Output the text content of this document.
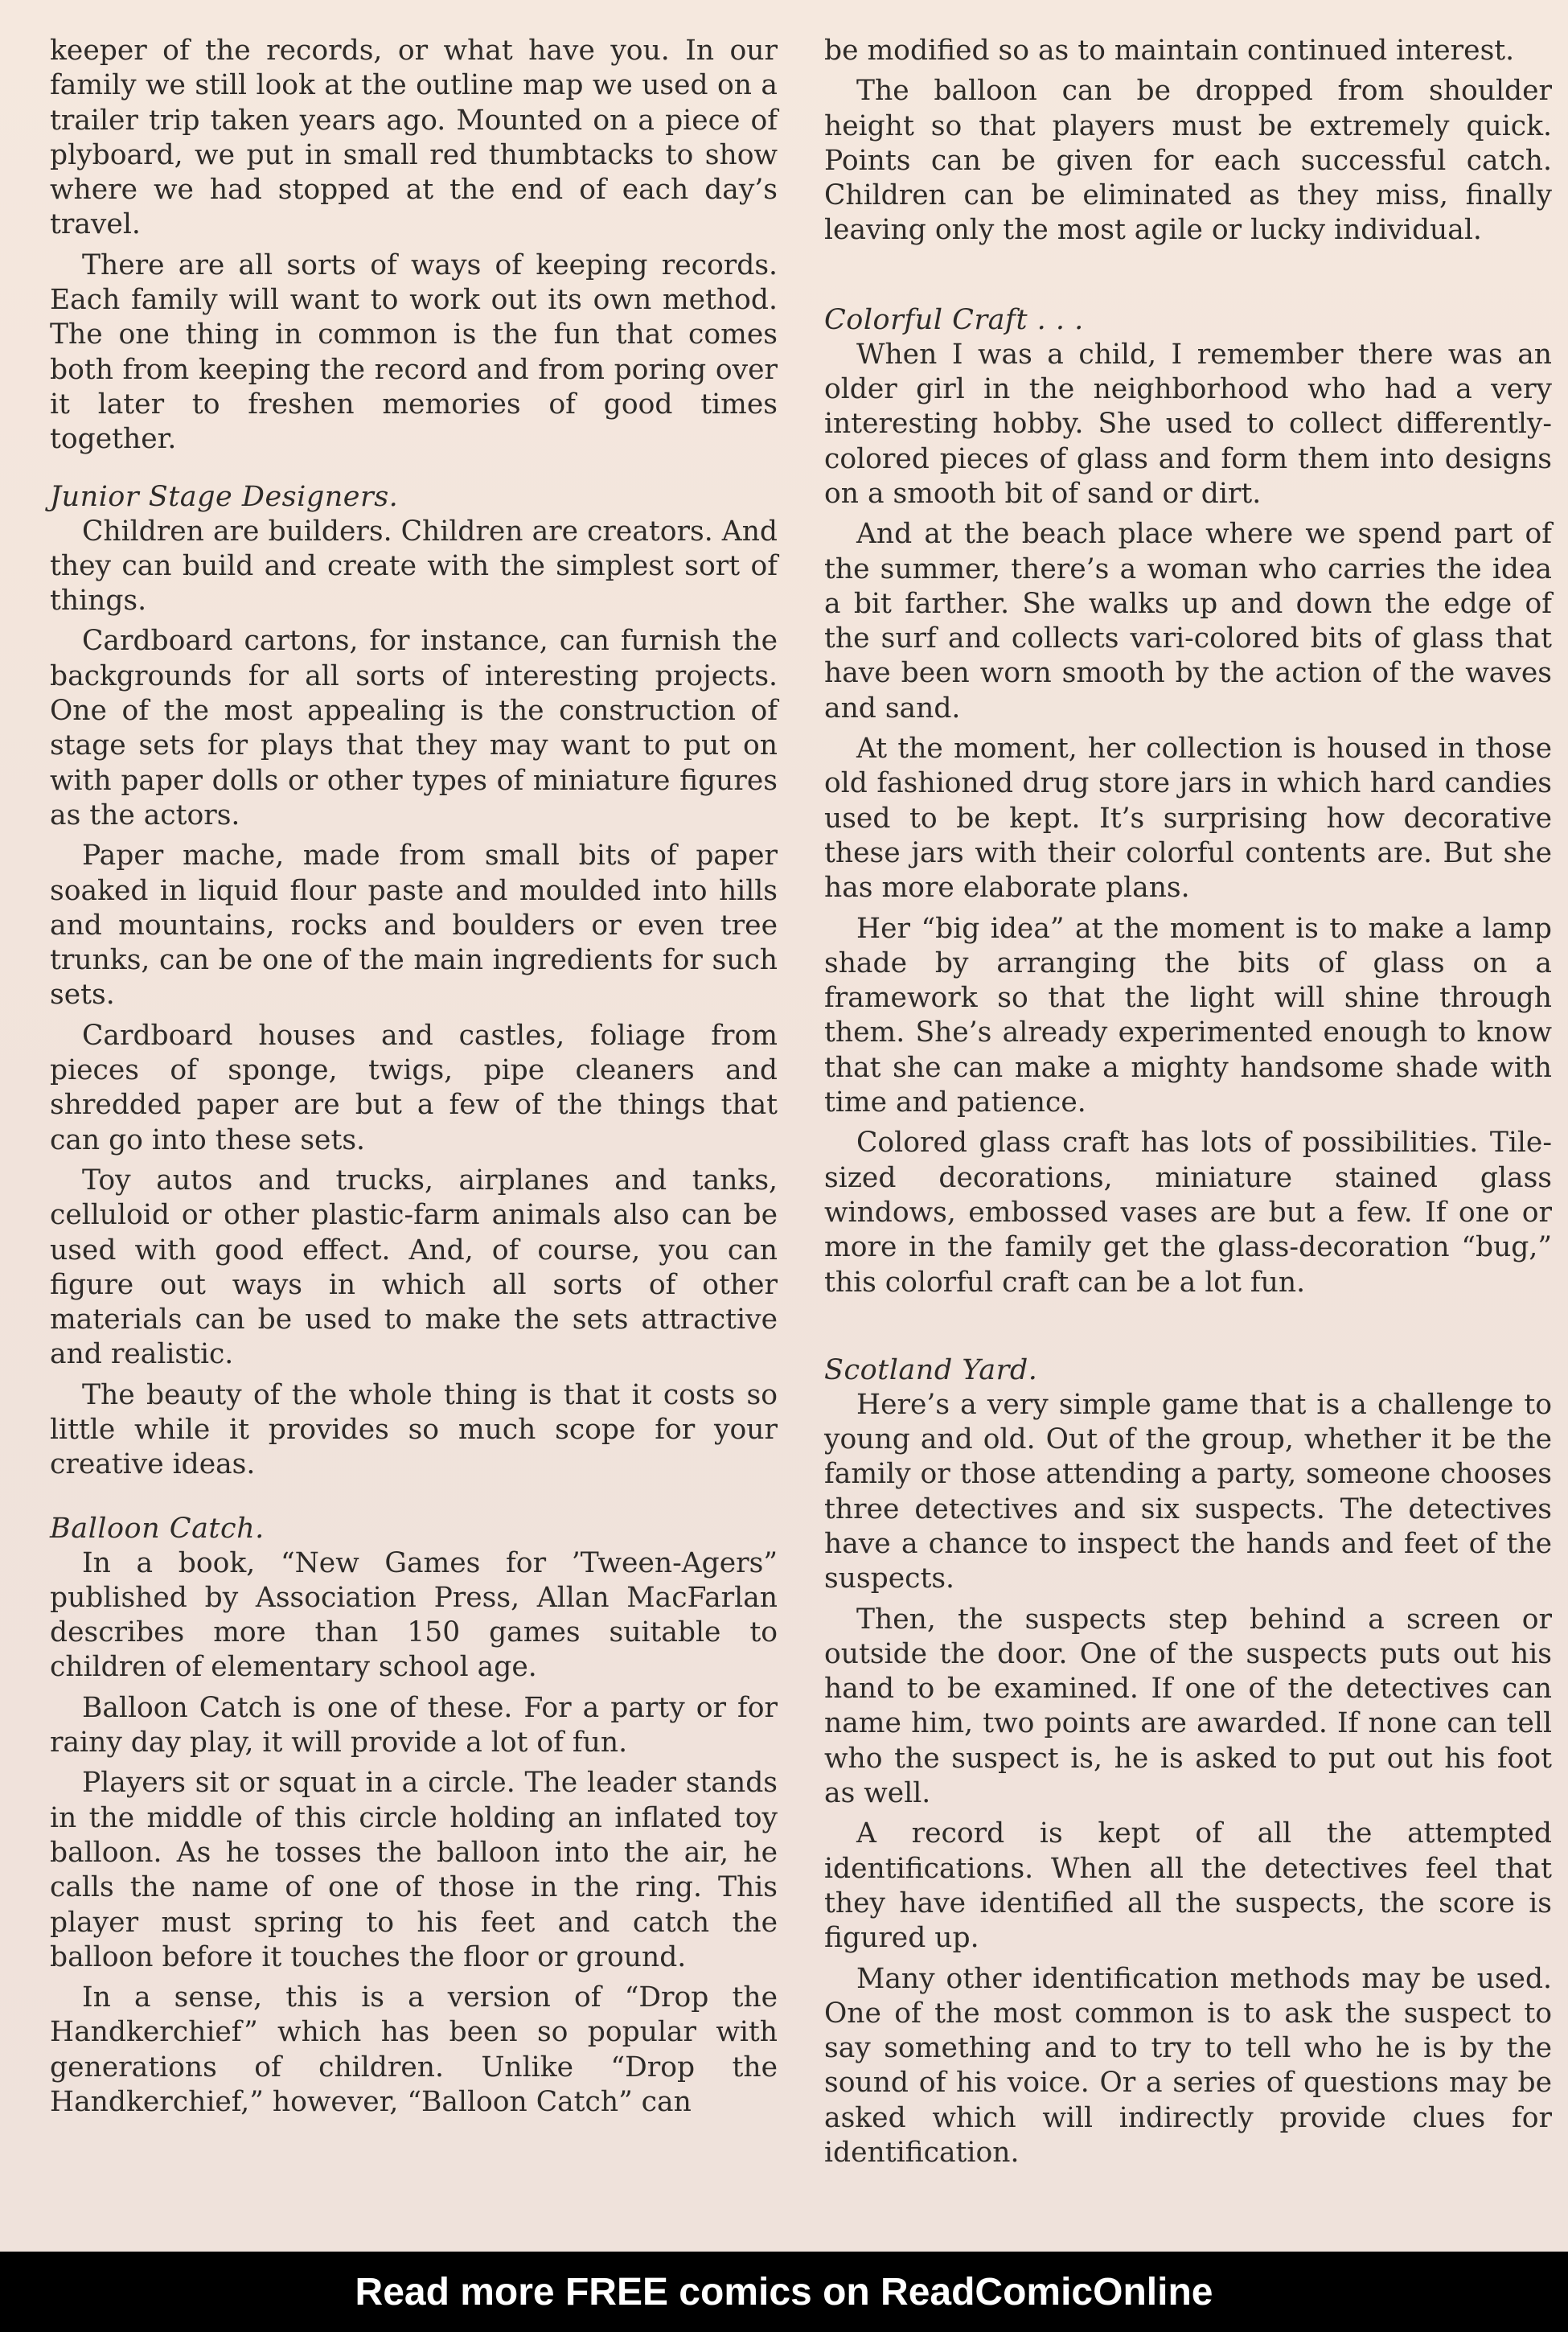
keeper of the records, or what have you. In our family we still look at the outline map we used on a trailer trip taken years ago. Mounted on a piece of plyboard, we put in small red thumbtacks to show where we had stopped at the end of each day’s travel.

There are all sorts of ways of keeping records. Each family will want to work out its own method. The one thing in common is the fun that comes both from keeping the record and from poring over it later to freshen memories of good times together.

Junior Stage Designers.

Children are builders. Children are creators. And they can build and create with the simplest sort of things.

Cardboard cartons, for instance, can furnish the backgrounds for all sorts of interesting projects. One of the most appealing is the construction of stage sets for plays that they may want to put on with paper dolls or other types of miniature figures as the actors.

Paper mache, made from small bits of paper soaked in liquid flour paste and moulded into hills and mountains, rocks and boulders or even tree trunks, can be one of the main ingredients for such sets.

Cardboard houses and castles, foliage from pieces of sponge, twigs, pipe cleaners and shredded paper are but a few of the things that can go into these sets.

Toy autos and trucks, airplanes and tanks, celluloid or other plastic-farm animals also can be used with good effect. And, of course, you can figure out ways in which all sorts of other materials can be used to make the sets attractive and realistic.

The beauty of the whole thing is that it costs so little while it provides so much scope for your creative ideas.

Balloon Catch.

In a book, “New Games for ’Tween-Agers” published by Association Press, Allan MacFarlan describes more than 150 games suitable to children of elementary school age.

Balloon Catch is one of these. For a party or for rainy day play, it will provide a lot of fun.

Players sit or squat in a circle. The leader stands in the middle of this circle holding an inflated toy balloon. As he tosses the balloon into the air, he calls the name of one of those in the ring. This player must spring to his feet and catch the balloon before it touches the floor or ground.

In a sense, this is a version of “Drop the Handkerchief” which has been so popular with generations of children. Unlike “Drop the Handkerchief,” however, “Balloon Catch” can

be modified so as to maintain continued interest.

The balloon can be dropped from shoulder height so that players must be extremely quick. Points can be given for each successful catch. Children can be eliminated as they miss, finally leaving only the most agile or lucky individual.

Colorful Craft . . .

When I was a child, I remember there was an older girl in the neighborhood who had a very interesting hobby. She used to collect differently-colored pieces of glass and form them into designs on a smooth bit of sand or dirt.

And at the beach place where we spend part of the summer, there’s a woman who carries the idea a bit farther. She walks up and down the edge of the surf and collects vari-colored bits of glass that have been worn smooth by the action of the waves and sand.

At the moment, her collection is housed in those old fashioned drug store jars in which hard candies used to be kept. It’s surprising how decorative these jars with their colorful contents are. But she has more elaborate plans.

Her “big idea” at the moment is to make a lamp shade by arranging the bits of glass on a framework so that the light will shine through them. She’s already experimented enough to know that she can make a mighty handsome shade with time and patience.

Colored glass craft has lots of possibilities. Tile-sized decorations, miniature stained glass windows, embossed vases are but a few. If one or more in the family get the glass-decoration “bug,” this colorful craft can be a lot fun.

Scotland Yard.

Here’s a very simple game that is a challenge to young and old. Out of the group, whether it be the family or those attending a party, someone chooses three detectives and six suspects. The detectives have a chance to inspect the hands and feet of the suspects.

Then, the suspects step behind a screen or outside the door. One of the suspects puts out his hand to be examined. If one of the detectives can name him, two points are awarded. If none can tell who the suspect is, he is asked to put out his foot as well.

A record is kept of all the attempted identifications. When all the detectives feel that they have identified all the suspects, the score is figured up.

Many other identification methods may be used. One of the most common is to ask the suspect to say something and to try to tell who he is by the sound of his voice. Or a series of questions may be asked which will indirectly provide clues for identification.

Read more FREE comics on ReadComicOnline
